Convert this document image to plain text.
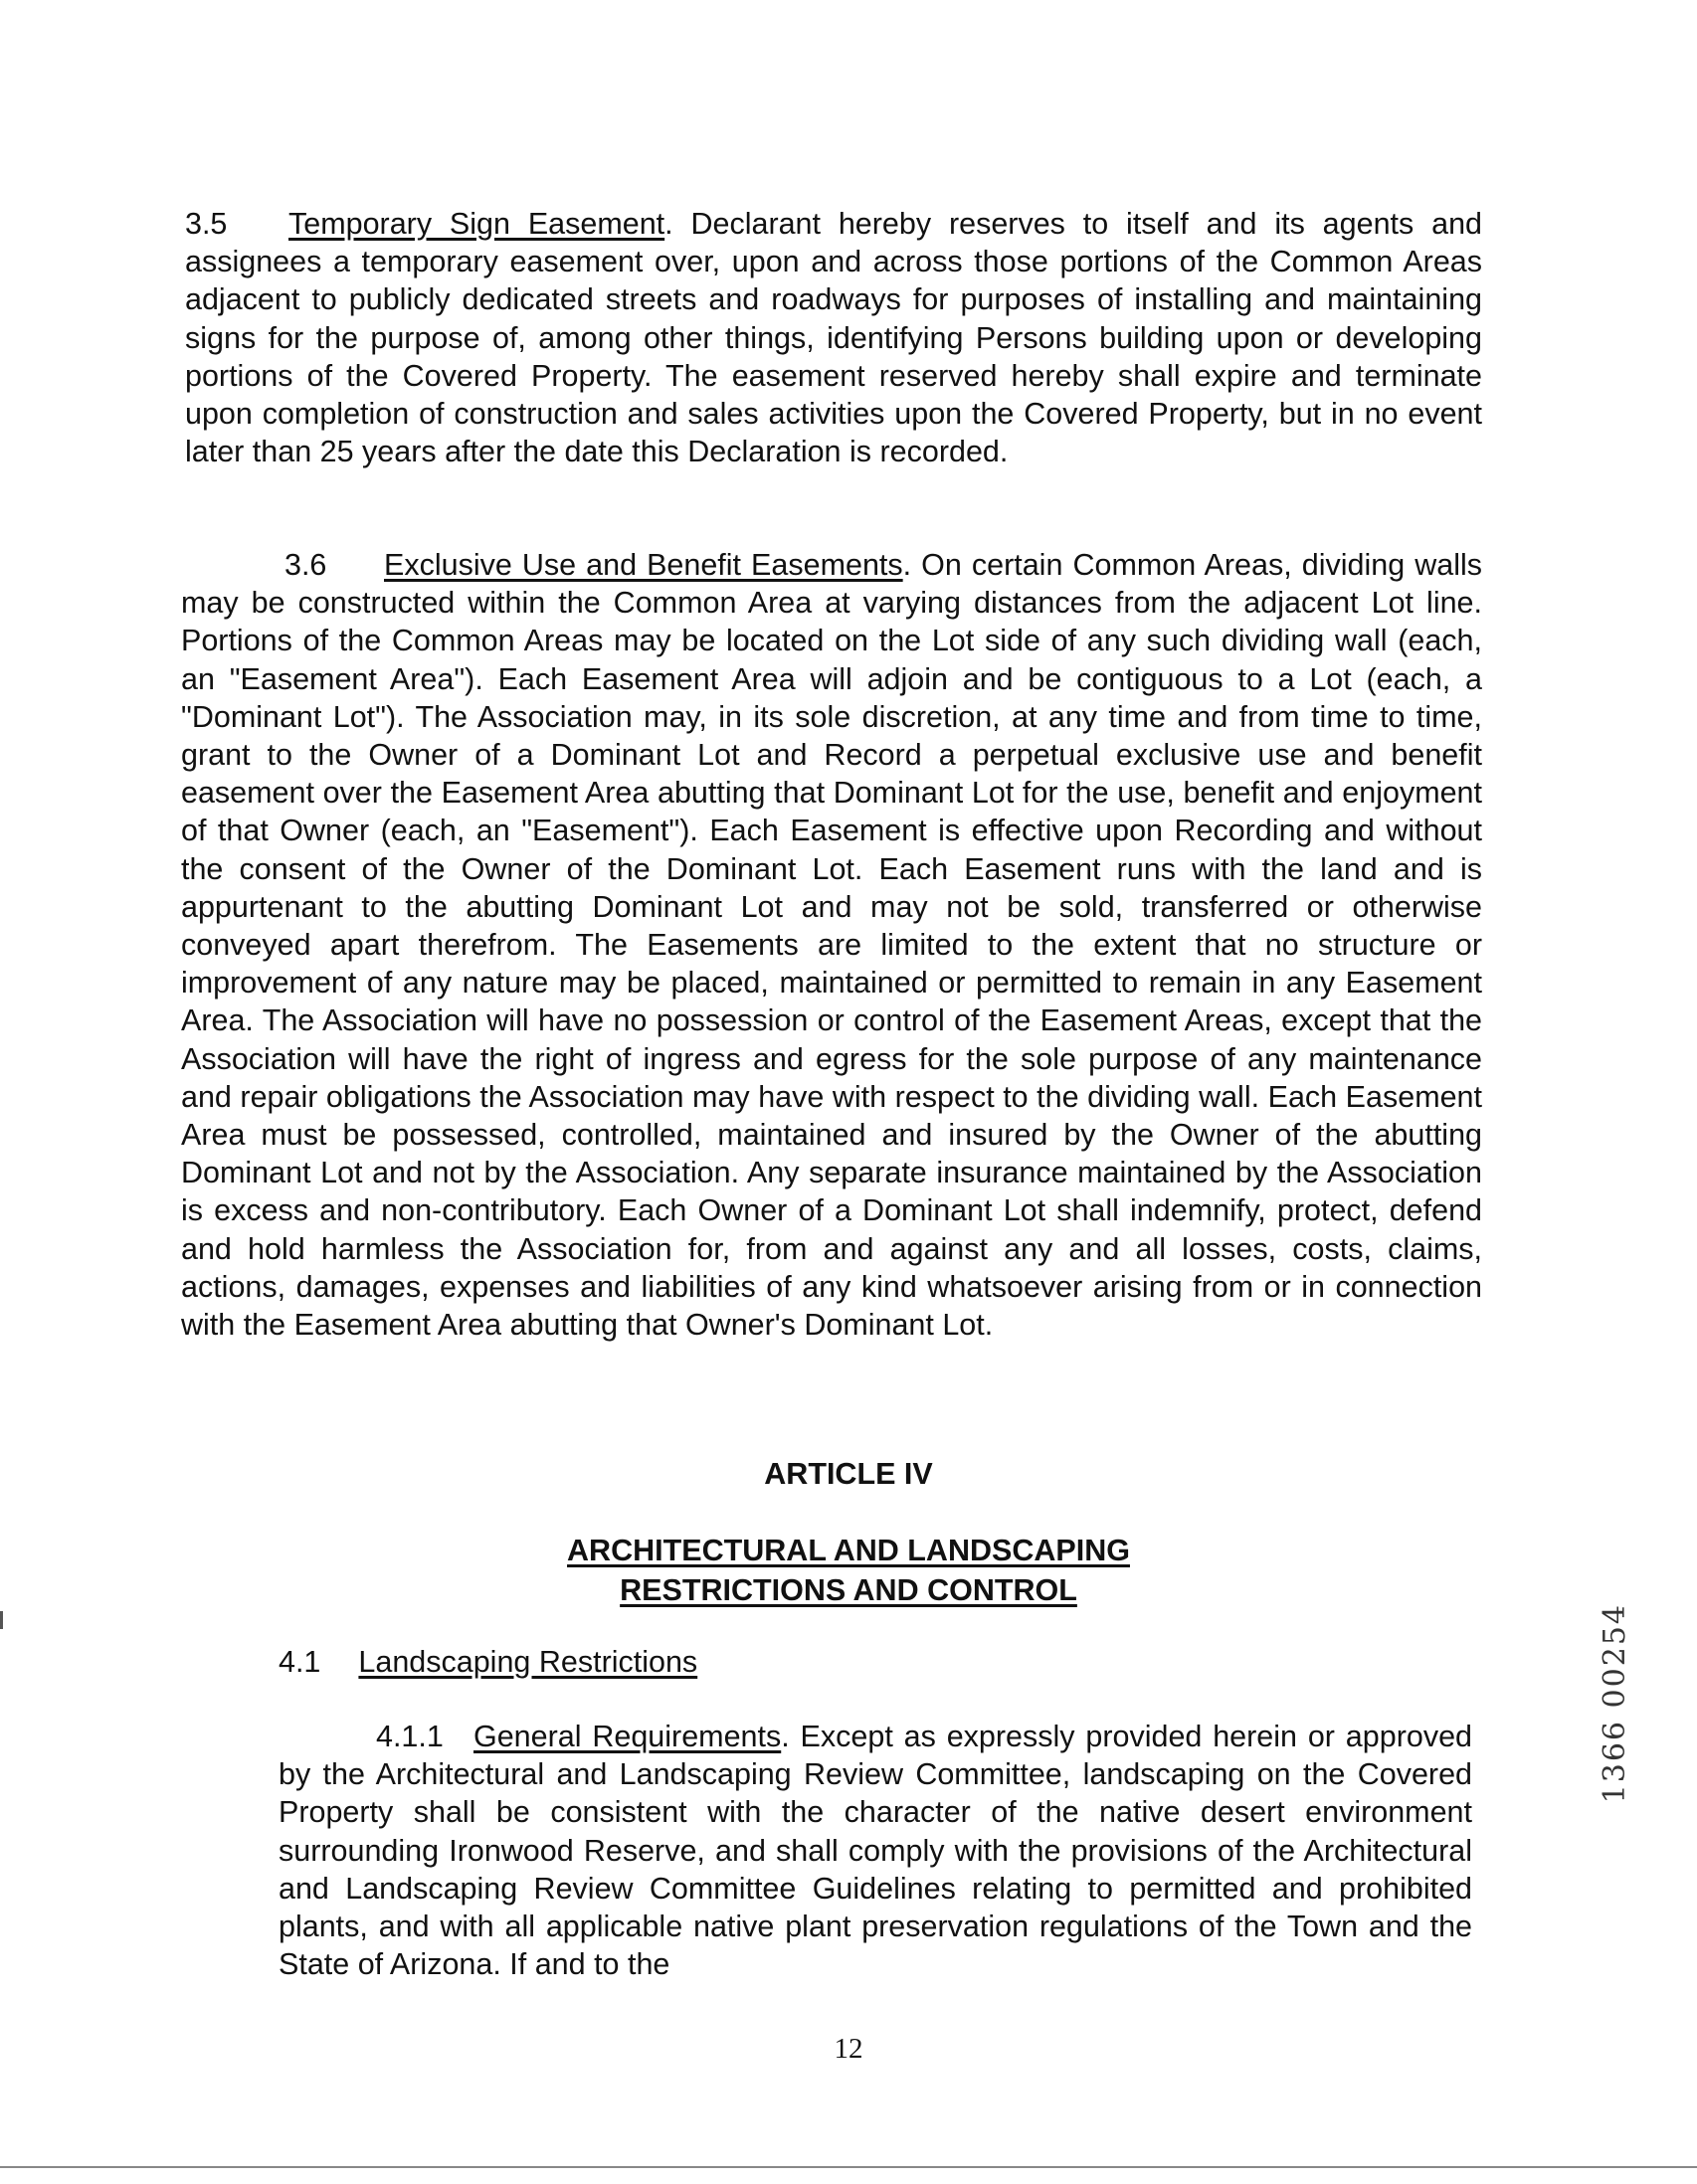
3.5 Temporary Sign Easement. Declarant hereby reserves to itself and its agents and assignees a temporary easement over, upon and across those portions of the Common Areas adjacent to publicly dedicated streets and roadways for purposes of installing and maintaining signs for the purpose of, among other things, identifying Persons building upon or developing portions of the Covered Property. The easement reserved hereby shall expire and terminate upon completion of construction and sales activities upon the Covered Property, but in no event later than 25 years after the date this Declaration is recorded.

3.6 Exclusive Use and Benefit Easements. On certain Common Areas, dividing walls may be constructed within the Common Area at varying distances from the adjacent Lot line. Portions of the Common Areas may be located on the Lot side of any such dividing wall (each, an "Easement Area"). Each Easement Area will adjoin and be contiguous to a Lot (each, a "Dominant Lot"). The Association may, in its sole discretion, at any time and from time to time, grant to the Owner of a Dominant Lot and Record a perpetual exclusive use and benefit easement over the Easement Area abutting that Dominant Lot for the use, benefit and enjoyment of that Owner (each, an "Easement"). Each Easement is effective upon Recording and without the consent of the Owner of the Dominant Lot. Each Easement runs with the land and is appurtenant to the abutting Dominant Lot and may not be sold, transferred or otherwise conveyed apart therefrom. The Easements are limited to the extent that no structure or improvement of any nature may be placed, maintained or permitted to remain in any Easement Area. The Association will have no possession or control of the Easement Areas, except that the Association will have the right of ingress and egress for the sole purpose of any maintenance and repair obligations the Association may have with respect to the dividing wall. Each Easement Area must be possessed, controlled, maintained and insured by the Owner of the abutting Dominant Lot and not by the Association. Any separate insurance maintained by the Association is excess and non-contributory. Each Owner of a Dominant Lot shall indemnify, protect, defend and hold harmless the Association for, from and against any and all losses, costs, claims, actions, damages, expenses and liabilities of any kind whatsoever arising from or in connection with the Easement Area abutting that Owner's Dominant Lot.

ARTICLE IV
ARCHITECTURAL AND LANDSCAPING
RESTRICTIONS AND CONTROL
4.1 Landscaping Restrictions

4.1.1 General Requirements. Except as expressly provided herein or approved by the Architectural and Landscaping Review Committee, landscaping on the Covered Property shall be consistent with the character of the native desert environment surrounding Ironwood Reserve, and shall comply with the provisions of the Architectural and Landscaping Review Committee Guidelines relating to permitted and prohibited plants, and with all applicable native plant preservation regulations of the Town and the State of Arizona. If and to the

12
1366 00254
